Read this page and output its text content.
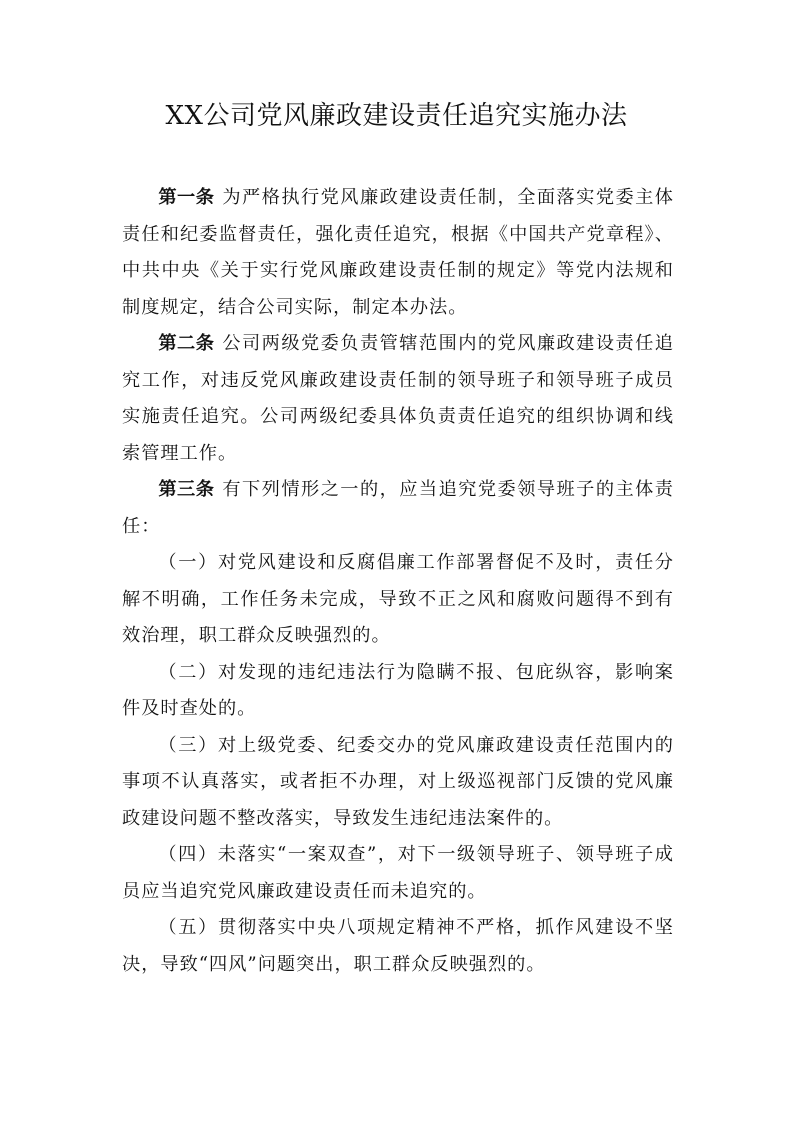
XX公司党风廉政建设责任追究实施办法

第一条 为严格执行党风廉政建设责任制，全面落实党委主体责任和纪委监督责任，强化责任追究，根据《中国共产党章程》、中共中央《关于实行党风廉政建设责任制的规定》等党内法规和制度规定，结合公司实际，制定本办法。

第二条 公司两级党委负责管辖范围内的党风廉政建设责任追究工作，对违反党风廉政建设责任制的领导班子和领导班子成员实施责任追究。公司两级纪委具体负责责任追究的组织协调和线索管理工作。

第三条 有下列情形之一的，应当追究党委领导班子的主体责任：

（一）对党风建设和反腐倡廉工作部署督促不及时，责任分解不明确，工作任务未完成，导致不正之风和腐败问题得不到有效治理，职工群众反映强烈的。

（二）对发现的违纪违法行为隐瞒不报、包庇纵容，影响案件及时查处的。

（三）对上级党委、纪委交办的党风廉政建设责任范围内的事项不认真落实，或者拒不办理，对上级巡视部门反馈的党风廉政建设问题不整改落实，导致发生违纪违法案件的。

（四）未落实“一案双查”，对下一级领导班子、领导班子成员应当追究党风廉政建设责任而未追究的。

（五）贯彻落实中央八项规定精神不严格，抓作风建设不坚决，导致“四风”问题突出，职工群众反映强烈的。
